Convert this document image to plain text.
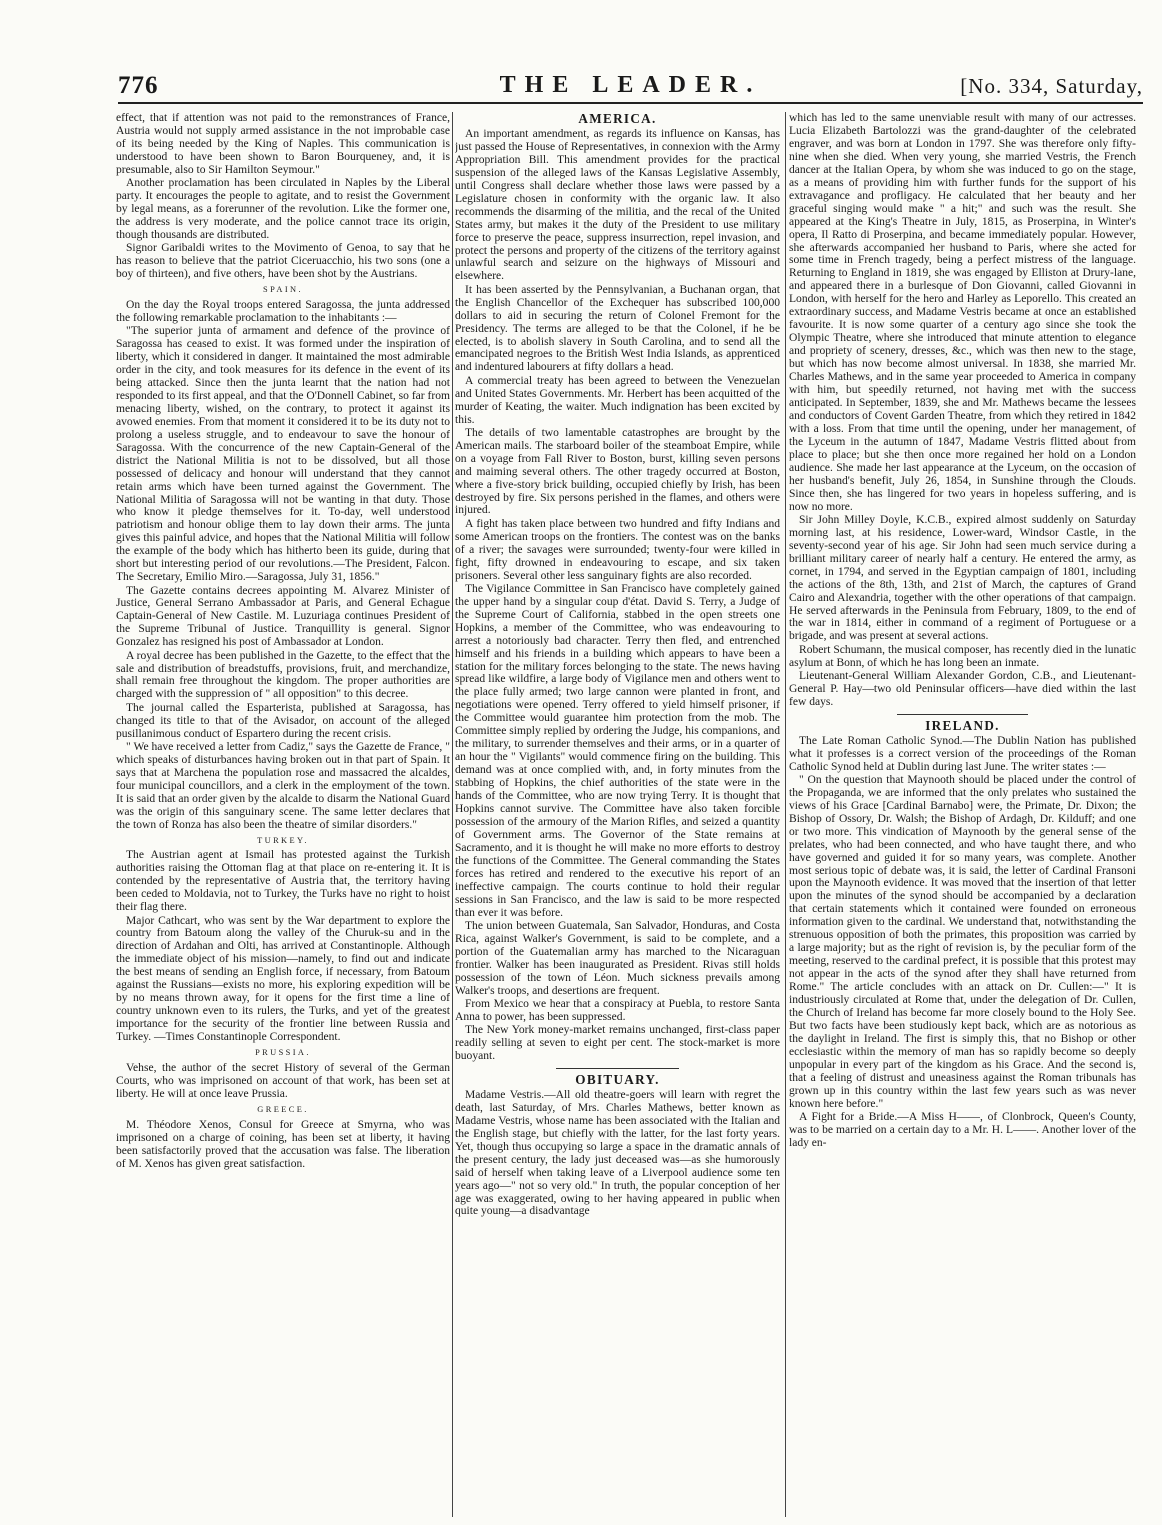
776	THE LEADER.	[No. 334, Saturday,

effect, that if attention was not paid to the remonstrances of France, Austria would not supply armed assistance in the not improbable case of its being needed by the King of Naples. This communication is understood to have been shown to Baron Bourqueney, and, it is presumable, also to Sir Hamilton Seymour."

Another proclamation has been circulated in Naples by the Liberal party. It encourages the people to agitate, and to resist the Government by legal means, as a forerunner of the revolution. Like the former one, the address is very moderate, and the police cannot trace its origin, though thousands are distributed.

Signor Garibaldi writes to the Movimento of Genoa, to say that he has reason to believe that the patriot Ciceruacchio, his two sons (one a boy of thirteen), and five others, have been shot by the Austrians.

SPAIN.

On the day the Royal troops entered Saragossa, the junta addressed the following remarkable proclamation to the inhabitants :—

"The superior junta of armament and defence of the province of Saragossa has ceased to exist. It was formed under the inspiration of liberty, which it considered in danger. It maintained the most admirable order in the city, and took measures for its defence in the event of its being attacked. Since then the junta learnt that the nation had not responded to its first appeal, and that the O'Donnell Cabinet, so far from menacing liberty, wished, on the contrary, to protect it against its avowed enemies. From that moment it considered it to be its duty not to prolong a useless struggle, and to endeavour to save the honour of Saragossa. With the concurrence of the new Captain-General of the district the National Militia is not to be dissolved, but all those possessed of delicacy and honour will understand that they cannot retain arms which have been turned against the Government. The National Militia of Saragossa will not be wanting in that duty. Those who know it pledge themselves for it. To-day, well understood patriotism and honour oblige them to lay down their arms. The junta gives this painful advice, and hopes that the National Militia will follow the example of the body which has hitherto been its guide, during that short but interesting period of our revolutions.—The President, Falcon. The Secretary, Emilio Miro.—Saragossa, July 31, 1856."

The Gazette contains decrees appointing M. Alvarez Minister of Justice, General Serrano Ambassador at Paris, and General Echague Captain-General of New Castile. M. Luzuriaga continues President of the Supreme Tribunal of Justice. Tranquillity is general. Signor Gonzalez has resigned his post of Ambassador at London.

A royal decree has been published in the Gazette, to the effect that the sale and distribution of breadstuffs, provisions, fruit, and merchandize, shall remain free throughout the kingdom. The proper authorities are charged with the suppression of " all opposition" to this decree.

The journal called the Esparterista, published at Saragossa, has changed its title to that of the Avisador, on account of the alleged pusillanimous conduct of Espartero during the recent crisis.

" We have received a letter from Cadiz," says the Gazette de France, " which speaks of disturbances having broken out in that part of Spain. It says that at Marchena the population rose and massacred the alcaldes, four municipal councillors, and a clerk in the employment of the town. It is said that an order given by the alcalde to disarm the National Guard was the origin of this sanguinary scene. The same letter declares that the town of Ronza has also been the theatre of similar disorders."

TURKEY.

The Austrian agent at Ismail has protested against the Turkish authorities raising the Ottoman flag at that place on re-entering it. It is contended by the representative of Austria that, the territory having been ceded to Moldavia, not to Turkey, the Turks have no right to hoist their flag there.

Major Cathcart, who was sent by the War department to explore the country from Batoum along the valley of the Churuk-su and in the direction of Ardahan and Olti, has arrived at Constantinople. Although the immediate object of his mission—namely, to find out and indicate the best means of sending an English force, if necessary, from Batoum against the Russians—exists no more, his exploring expedition will be by no means thrown away, for it opens for the first time a line of country unknown even to its rulers, the Turks, and yet of the greatest importance for the security of the frontier line between Russia and Turkey. —Times Constantinople Correspondent.

PRUSSIA.

Vehse, the author of the secret History of several of the German Courts, who was imprisoned on account of that work, has been set at liberty. He will at once leave Prussia.

GREECE.

M. Théodore Xenos, Consul for Greece at Smyrna, who was imprisoned on a charge of coining, has been set at liberty, it having been satisfactorily proved that the accusation was false. The liberation of M. Xenos has given great satisfaction.

AMERICA.

An important amendment, as regards its influence on Kansas, has just passed the House of Representatives, in connexion with the Army Appropriation Bill. This amendment provides for the practical suspension of the alleged laws of the Kansas Legislative Assembly, until Congress shall declare whether those laws were passed by a Legislature chosen in conformity with the organic law. It also recommends the disarming of the militia, and the recal of the United States army, but makes it the duty of the President to use military force to preserve the peace, suppress insurrection, repel invasion, and protect the persons and property of the citizens of the territory against unlawful search and seizure on the highways of Missouri and elsewhere.

It has been asserted by the Pennsylvanian, a Buchanan organ, that the English Chancellor of the Exchequer has subscribed 100,000 dollars to aid in securing the return of Colonel Fremont for the Presidency. The terms are alleged to be that the Colonel, if he be elected, is to abolish slavery in South Carolina, and to send all the emancipated negroes to the British West India Islands, as apprenticed and indentured labourers at fifty dollars a head.

A commercial treaty has been agreed to between the Venezuelan and United States Governments. Mr. Herbert has been acquitted of the murder of Keating, the waiter. Much indignation has been excited by this.

The details of two lamentable catastrophes are brought by the American mails. The starboard boiler of the steamboat Empire, while on a voyage from Fall River to Boston, burst, killing seven persons and maiming several others. The other tragedy occurred at Boston, where a five-story brick building, occupied chiefly by Irish, has been destroyed by fire. Six persons perished in the flames, and others were injured.

A fight has taken place between two hundred and fifty Indians and some American troops on the frontiers. The contest was on the banks of a river; the savages were surrounded; twenty-four were killed in fight, fifty drowned in endeavouring to escape, and six taken prisoners. Several other less sanguinary fights are also recorded.

The Vigilance Committee in San Francisco have completely gained the upper hand by a singular coup d'état. David S. Terry, a Judge of the Supreme Court of California, stabbed in the open streets one Hopkins, a member of the Committee, who was endeavouring to arrest a notoriously bad character. Terry then fled, and entrenched himself and his friends in a building which appears to have been a station for the military forces belonging to the state. The news having spread like wildfire, a large body of Vigilance men and others went to the place fully armed; two large cannon were planted in front, and negotiations were opened. Terry offered to yield himself prisoner, if the Committee would guarantee him protection from the mob. The Committee simply replied by ordering the Judge, his companions, and the military, to surrender themselves and their arms, or in a quarter of an hour the " Vigilants" would commence firing on the building. This demand was at once complied with, and, in forty minutes from the stabbing of Hopkins, the chief authorities of the state were in the hands of the Committee, who are now trying Terry. It is thought that Hopkins cannot survive. The Committee have also taken forcible possession of the armoury of the Marion Rifles, and seized a quantity of Government arms. The Governor of the State remains at Sacramento, and it is thought he will make no more efforts to destroy the functions of the Committee. The General commanding the States forces has retired and rendered to the executive his report of an ineffective campaign. The courts continue to hold their regular sessions in San Francisco, and the law is said to be more respected than ever it was before.

The union between Guatemala, San Salvador, Honduras, and Costa Rica, against Walker's Government, is said to be complete, and a portion of the Guatemalian army has marched to the Nicaraguan frontier. Walker has been inaugurated as President. Rivas still holds possession of the town of Léon. Much sickness prevails among Walker's troops, and desertions are frequent.

From Mexico we hear that a conspiracy at Puebla, to restore Santa Anna to power, has been suppressed.

The New York money-market remains unchanged, first-class paper readily selling at seven to eight per cent. The stock-market is more buoyant.

OBITUARY.

Madame Vestris.—All old theatre-goers will learn with regret the death, last Saturday, of Mrs. Charles Mathews, better known as Madame Vestris, whose name has been associated with the Italian and the English stage, but chiefly with the latter, for the last forty years. Yet, though thus occupying so large a space in the dramatic annals of the present century, the lady just deceased was—as she humorously said of herself when taking leave of a Liverpool audience some ten years ago—" not so very old." In truth, the popular conception of her age was exaggerated, owing to her having appeared in public when quite young—a disadvantage

which has led to the same unenviable result with many of our actresses. Lucia Elizabeth Bartolozzi was the grand-daughter of the celebrated engraver, and was born at London in 1797. She was therefore only fifty-nine when she died. When very young, she married Vestris, the French dancer at the Italian Opera, by whom she was induced to go on the stage, as a means of providing him with further funds for the support of his extravagance and profligacy. He calculated that her beauty and her graceful singing would make " a hit;" and such was the result. She appeared at the King's Theatre in July, 1815, as Proserpina, in Winter's opera, Il Ratto di Proserpina, and became immediately popular. However, she afterwards accompanied her husband to Paris, where she acted for some time in French tragedy, being a perfect mistress of the language. Returning to England in 1819, she was engaged by Elliston at Drury-lane, and appeared there in a burlesque of Don Giovanni, called Giovanni in London, with herself for the hero and Harley as Leporello. This created an extraordinary success, and Madame Vestris became at once an established favourite. It is now some quarter of a century ago since she took the Olympic Theatre, where she introduced that minute attention to elegance and propriety of scenery, dresses, &c., which was then new to the stage, but which has now become almost universal. In 1838, she married Mr. Charles Mathews, and in the same year proceeded to America in company with him, but speedily returned, not having met with the success anticipated. In September, 1839, she and Mr. Mathews became the lessees and conductors of Covent Garden Theatre, from which they retired in 1842 with a loss. From that time until the opening, under her management, of the Lyceum in the autumn of 1847, Madame Vestris flitted about from place to place; but she then once more regained her hold on a London audience. She made her last appearance at the Lyceum, on the occasion of her husband's benefit, July 26, 1854, in Sunshine through the Clouds. Since then, she has lingered for two years in hopeless suffering, and is now no more.

Sir John Milley Doyle, K.C.B., expired almost suddenly on Saturday morning last, at his residence, Lower-ward, Windsor Castle, in the seventy-second year of his age. Sir John had seen much service during a brilliant military career of nearly half a century. He entered the army, as cornet, in 1794, and served in the Egyptian campaign of 1801, including the actions of the 8th, 13th, and 21st of March, the captures of Grand Cairo and Alexandria, together with the other operations of that campaign. He served afterwards in the Peninsula from February, 1809, to the end of the war in 1814, either in command of a regiment of Portuguese or a brigade, and was present at several actions.

Robert Schumann, the musical composer, has recently died in the lunatic asylum at Bonn, of which he has long been an inmate.

Lieutenant-General William Alexander Gordon, C.B., and Lieutenant-General P. Hay—two old Peninsular officers—have died within the last few days.

IRELAND.

The Late Roman Catholic Synod.—The Dublin Nation has published what it professes is a correct version of the proceedings of the Roman Catholic Synod held at Dublin during last June. The writer states :—

" On the question that Maynooth should be placed under the control of the Propaganda, we are informed that the only prelates who sustained the views of his Grace [Cardinal Barnabo] were, the Primate, Dr. Dixon; the Bishop of Ossory, Dr. Walsh; the Bishop of Ardagh, Dr. Kilduff; and one or two more. This vindication of Maynooth by the general sense of the prelates, who had been connected, and who have taught there, and who have governed and guided it for so many years, was complete. Another most serious topic of debate was, it is said, the letter of Cardinal Fransoni upon the Maynooth evidence. It was moved that the insertion of that letter upon the minutes of the synod should be accompanied by a declaration that certain statements which it contained were founded on erroneous information given to the cardinal. We understand that, notwithstanding the strenuous opposition of both the primates, this proposition was carried by a large majority; but as the right of revision is, by the peculiar form of the meeting, reserved to the cardinal prefect, it is possible that this protest may not appear in the acts of the synod after they shall have returned from Rome." The article concludes with an attack on Dr. Cullen:—" It is industriously circulated at Rome that, under the delegation of Dr. Cullen, the Church of Ireland has become far more closely bound to the Holy See. But two facts have been studiously kept back, which are as notorious as the daylight in Ireland. The first is simply this, that no Bishop or other ecclesiastic within the memory of man has so rapidly become so deeply unpopular in every part of the kingdom as his Grace. And the second is, that a feeling of distrust and uneasiness against the Roman tribunals has grown up in this country within the last few years such as was never known here before."

A Fight for a Bride.—A Miss H——, of Clonbrock, Queen's County, was to be married on a certain day to a Mr. H. L——. Another lover of the lady en-
